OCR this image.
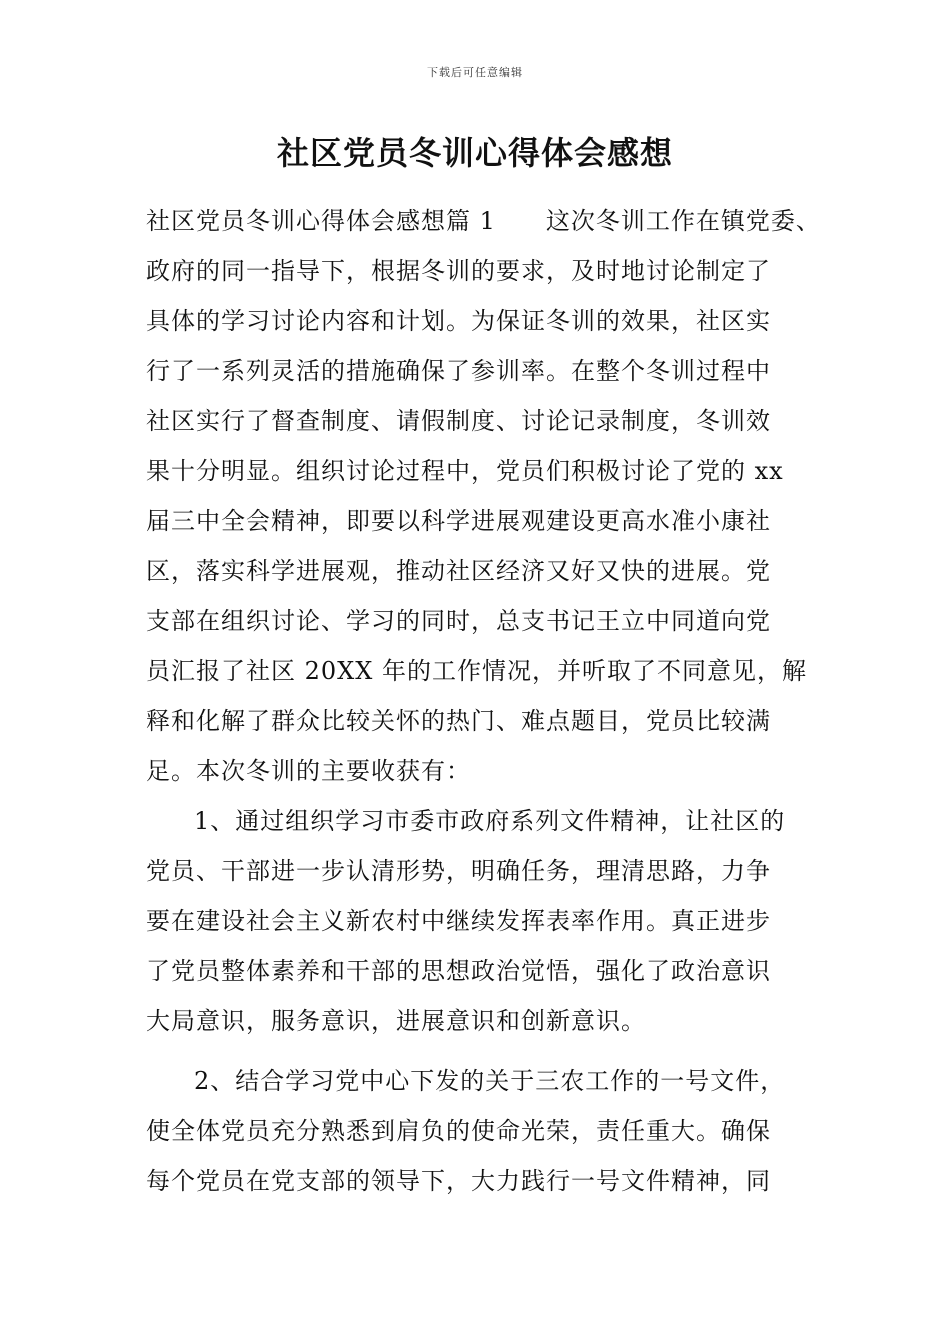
下载后可任意编辑
社区党员冬训心得体会感想
社区党员冬训心得体会感想篇 1　　这次冬训工作在镇党委、
政府的同一指导下，根据冬训的要求，及时地讨论制定了
具体的学习讨论内容和计划。为保证冬训的效果，社区实
行了一系列灵活的措施确保了参训率。在整个冬训过程中
社区实行了督查制度、请假制度、讨论记录制度，冬训效
果十分明显。组织讨论过程中，党员们积极讨论了党的 xx
届三中全会精神，即要以科学进展观建设更高水准小康社
区，落实科学进展观，推动社区经济又好又快的进展。党
支部在组织讨论、学习的同时，总支书记王立中同道向党
员汇报了社区 20XX 年的工作情况，并听取了不同意见，解
释和化解了群众比较关怀的热门、难点题目，党员比较满
足。本次冬训的主要收获有：
1、通过组织学习市委市政府系列文件精神，让社区的
党员、干部进一步认清形势，明确任务，理清思路，力争
要在建设社会主义新农村中继续发挥表率作用。真正进步
了党员整体素养和干部的思想政治觉悟，强化了政治意识
大局意识，服务意识，进展意识和创新意识。
2、结合学习党中心下发的关于三农工作的一号文件，
使全体党员充分熟悉到肩负的使命光荣，责任重大。确保
每个党员在党支部的领导下，大力践行一号文件精神，同
